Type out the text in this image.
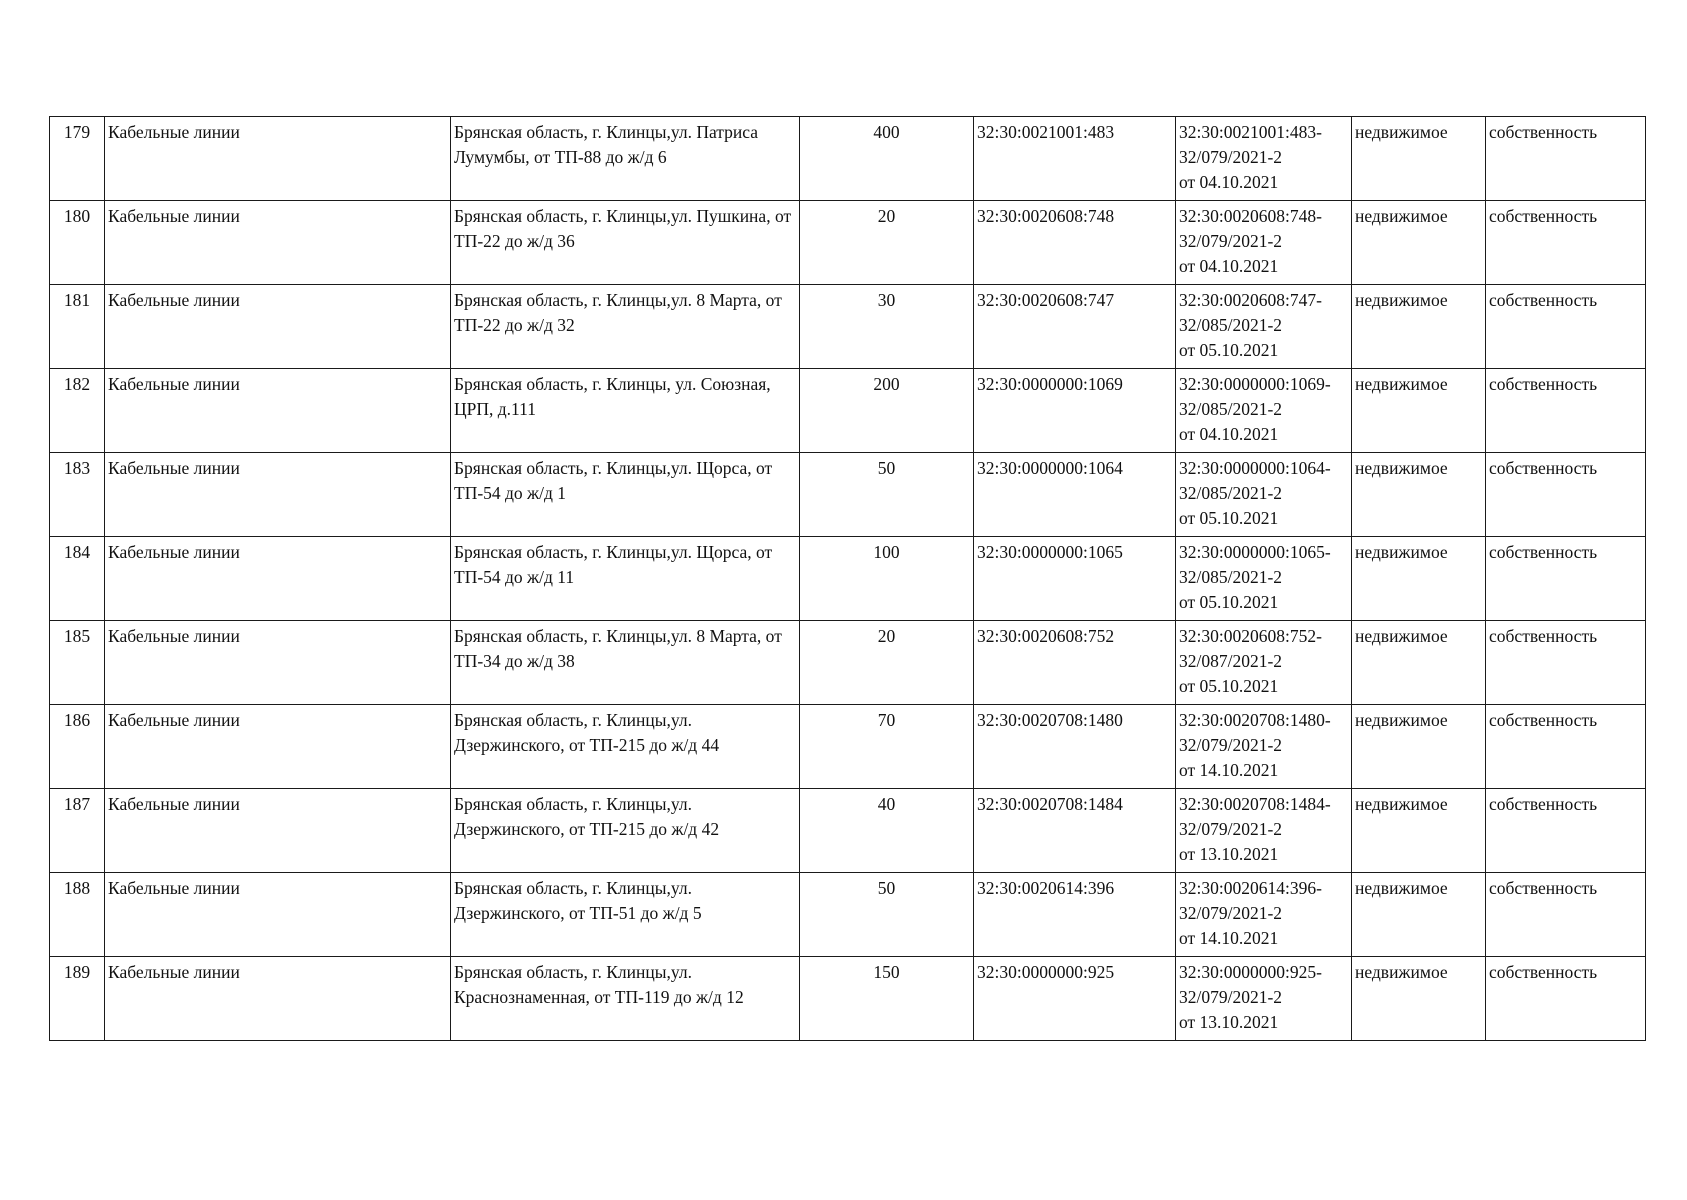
179	Кабельные линии	Брянская область, г. Клинцы,ул. Патриса Лумумбы, от ТП-88 до ж/д 6	400	32:30:0021001:483	32:30:0021001:483-
32/079/2021-2
от 04.10.2021	недвижимое	собственность
180	Кабельные линии	Брянская область, г. Клинцы,ул. Пушкина, от ТП-22 до ж/д 36	20	32:30:0020608:748	32:30:0020608:748-
32/079/2021-2
от 04.10.2021	недвижимое	собственность
181	Кабельные линии	Брянская область, г. Клинцы,ул. 8 Марта, от ТП-22 до ж/д 32	30	32:30:0020608:747	32:30:0020608:747-
32/085/2021-2
от 05.10.2021	недвижимое	собственность
182	Кабельные линии	Брянская область, г. Клинцы, ул. Союзная, ЦРП, д.111	200	32:30:0000000:1069	32:30:0000000:1069-
32/085/2021-2
от 04.10.2021	недвижимое	собственность
183	Кабельные линии	Брянская область, г. Клинцы,ул. Щорса, от ТП-54 до ж/д 1	50	32:30:0000000:1064	32:30:0000000:1064-
32/085/2021-2
от 05.10.2021	недвижимое	собственность
184	Кабельные линии	Брянская область, г. Клинцы,ул. Щорса, от ТП-54 до ж/д 11	100	32:30:0000000:1065	32:30:0000000:1065-
32/085/2021-2
от 05.10.2021	недвижимое	собственность
185	Кабельные линии	Брянская область, г. Клинцы,ул. 8 Марта, от ТП-34 до ж/д 38	20	32:30:0020608:752	32:30:0020608:752-
32/087/2021-2
от 05.10.2021	недвижимое	собственность
186	Кабельные линии	Брянская область, г. Клинцы,ул. Дзержинского, от ТП-215 до ж/д 44	70	32:30:0020708:1480	32:30:0020708:1480-
32/079/2021-2
от 14.10.2021	недвижимое	собственность
187	Кабельные линии	Брянская область, г. Клинцы,ул. Дзержинского, от ТП-215 до ж/д 42	40	32:30:0020708:1484	32:30:0020708:1484-
32/079/2021-2
от 13.10.2021	недвижимое	собственность
188	Кабельные линии	Брянская область, г. Клинцы,ул. Дзержинского, от ТП-51 до ж/д 5	50	32:30:0020614:396	32:30:0020614:396-
32/079/2021-2
от 14.10.2021	недвижимое	собственность
189	Кабельные линии	Брянская область, г. Клинцы,ул. Краснознаменная, от ТП-119 до ж/д 12	150	32:30:0000000:925	32:30:0000000:925-
32/079/2021-2
от 13.10.2021	недвижимое	собственность
